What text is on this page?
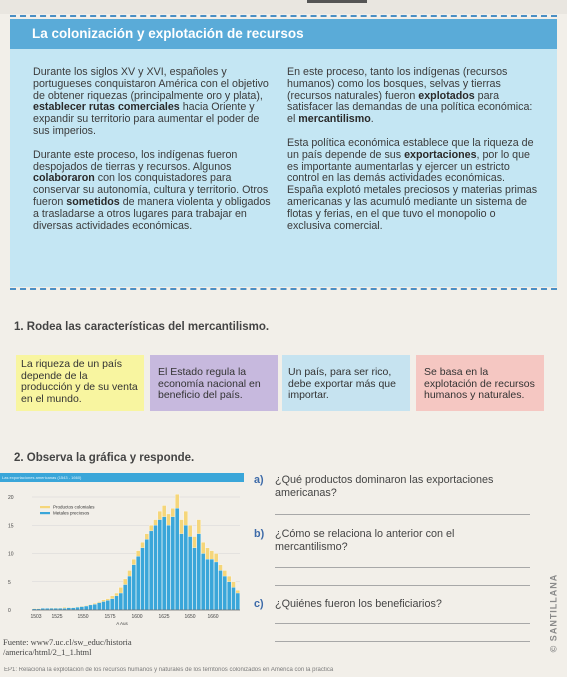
La colonización y explotación de recursos

Durante los siglos XV y XVI, españoles y portugueses conquistaron América con el objetivo de obtener riquezas (principalmente oro y plata), establecer rutas comerciales hacia Oriente y expandir su territorio para aumentar el poder de sus imperios.

Durante este proceso, los indígenas fueron despojados de tierras y recursos. Algunos colaboraron con los conquistadores para conservar su autonomía, cultura y territorio. Otros fueron sometidos de manera violenta y obligados a trasladarse a otros lugares para trabajar en diversas actividades económicas.

En este proceso, tanto los indígenas (recursos humanos) como los bosques, selvas y tierras (recursos naturales) fueron explotados para satisfacer las demandas de una política económica: el mercantilismo.

Esta política económica establece que la riqueza de un país depende de sus exportaciones, por lo que es importante aumentarlas y ejercer un estricto control en las demás actividades económicas. España explotó metales preciosos y materias primas americanas y las acumuló mediante un sistema de flotas y ferias, en el que tuvo el monopolio o exclusiva comercial.

1. Rodea las características del mercantilismo.
La riqueza de un país depende de la producción y de su venta en el mundo.
El Estado regula la economía nacional en beneficio del país.
Un país, para ser rico, debe exportar más que importar.
Se basa en la explotación de recursos humanos y naturales.
2. Observa la gráfica y responde.
Las exportaciones americanas (1543 - 1660)
0
5
10
15
20
1503 1525	1550	1575	1600	1625	1650 1660
A Aus
Productos coloniales
Metales preciosos
Fuente: www7.uc.cl/sw_educ/historia
/america/html/2_1_1.html
a) ¿Qué productos dominaron las exportaciones americanas?
b) ¿Cómo se relaciona lo anterior con el mercantilismo?
c) ¿Quiénes fueron los beneficiarios?	© SANTILLANA
EP1: Relaciona la explotación de los recursos humanos y naturales de los territorios colonizados en América con la práctica
